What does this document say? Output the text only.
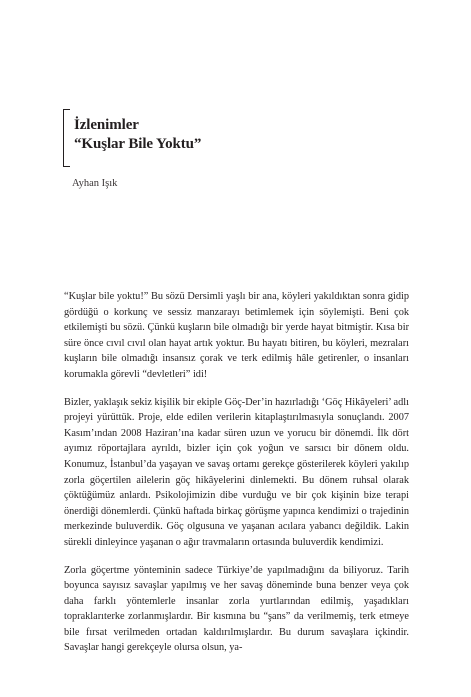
İzlenimler
“Kuşlar Bile Yoktu”
Ayhan Işık

“Kuşlar bile yoktu!” Bu sözü Dersimli yaşlı bir ana, köyleri yakıldıktan sonra gidip gördüğü o korkunç ve sessiz manzarayı betimlemek için söylemişti. Beni çok etkilemişti bu sözü. Çünkü kuşların bile olmadığı bir yerde hayat bitmiştir. Kısa bir süre önce cıvıl cıvıl olan hayat artık yoktur. Bu hayatı bitiren, bu köyleri, mezraları kuşların bile olmadığı insansız çorak ve terk edilmiş hâle getirenler, o insanları korumakla görevli “devletleri” idi!

Bizler, yaklaşık sekiz kişilik bir ekiple Göç-Der’in hazırladığı ‘Göç Hikâyeleri’ adlı projeyi yürüttük. Proje, elde edilen verilerin kitaplaştırılmasıyla sonuçlandı. 2007 Kasım’ından 2008 Haziran’ına kadar süren uzun ve yorucu bir dönemdi. İlk dört ayımız röportajlara ayrıldı, bizler için çok yoğun ve sarsıcı bir dönem oldu. Konumuz, İstanbul’da yaşayan ve savaş ortamı gerekçe gösterilerek köyleri yakılıp zorla göçertilen ailelerin göç hikâyelerini dinlemekti. Bu dönem ruhsal olarak çöktüğümüz anlardı. Psikolojimizin dibe vurduğu ve bir çok kişinin bize terapi önerdiği dönemlerdi. Çünkü haftada birkaç görüşme yapınca kendimizi o trajedinin merkezinde buluverdik. Göç olgusuna ve yaşanan acılara yabancı değildik. Lakin sürekli dinleyince yaşanan o ağır travmaların ortasında buluverdik kendimizi.

Zorla göçertme yönteminin sadece Türkiye’de yapılmadığını da biliyoruz. Tarih boyunca sayısız savaşlar yapılmış ve her savaş döneminde buna benzer veya çok daha farklı yöntemlerle insanlar zorla yurtlarından edilmiş, yaşadıkları topraklarıterke zorlanmışlardır. Bir kısmına bu “şans” da verilmemiş, terk etmeye bile fırsat verilmeden ortadan kaldırılmışlardır. Bu durum savaşlara içkindir. Savaşlar hangi gerekçeyle olursa olsun, ya-
